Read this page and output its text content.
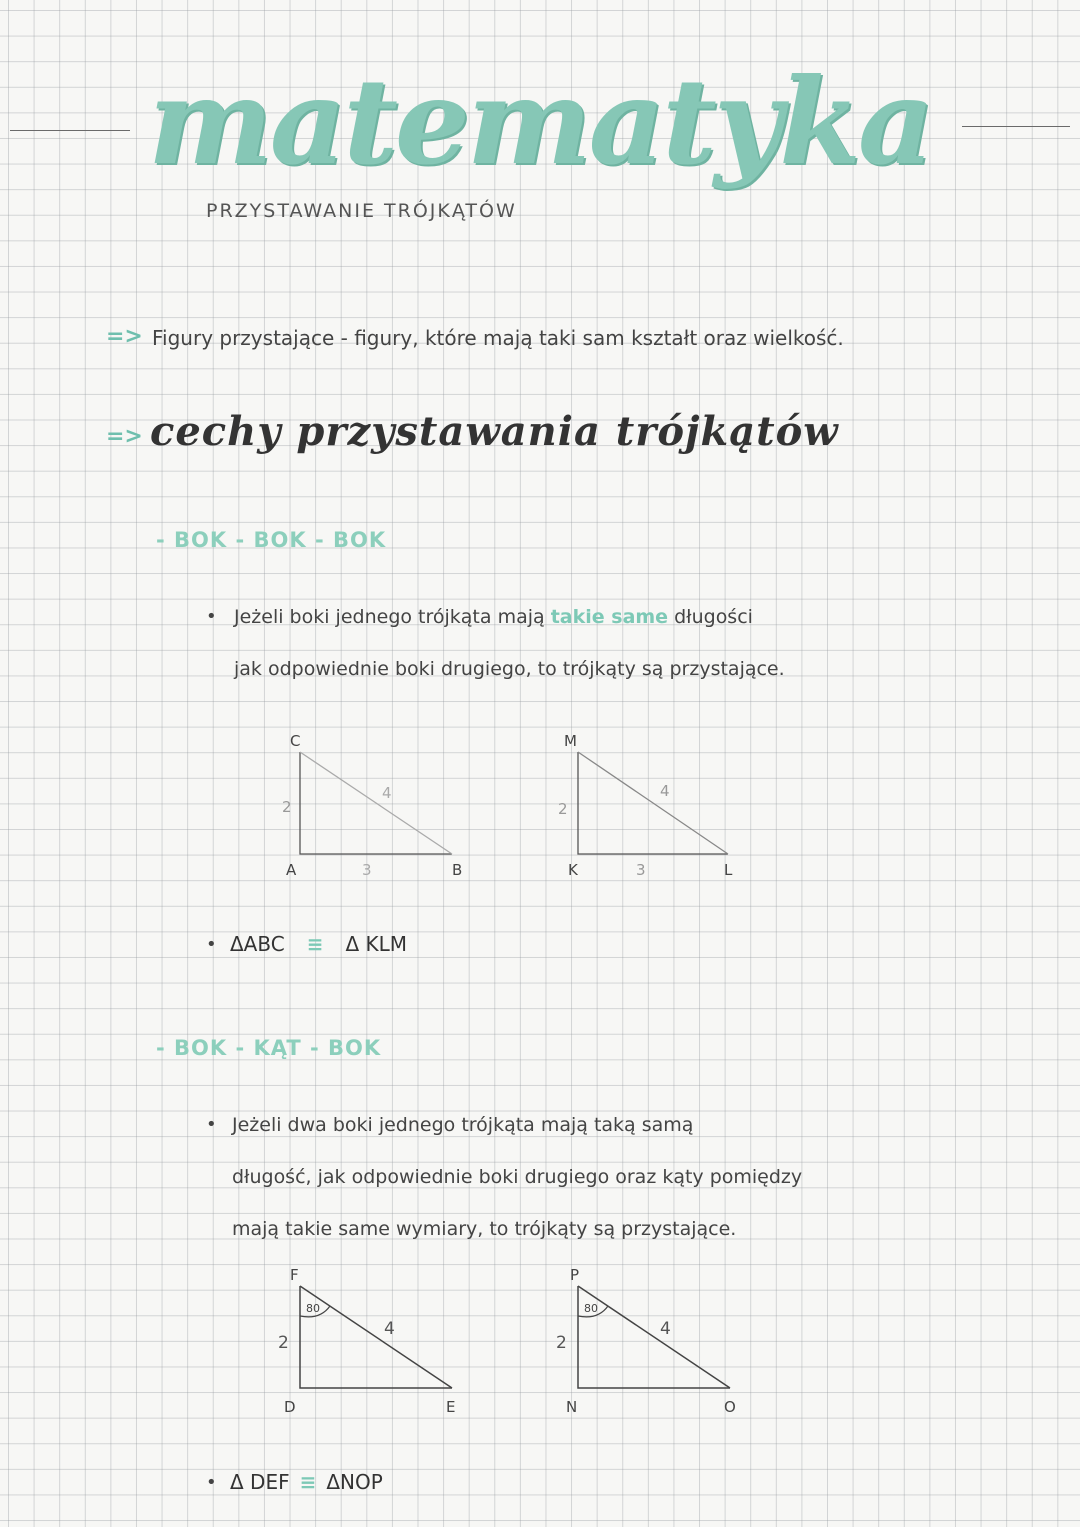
matematyka
PRZYSTAWANIE TRÓJKĄTÓW
=> Figury przystające - figury, które mają taki sam kształt oraz wielkość.
=> cechy przystawania trójkątów
- BOK - BOK - BOK
• Jeżeli boki jednego trójkąta mają takie same długości
jak odpowiednie boki drugiego, to trójkąty są przystające.
C
A	B
2
4
3
M
K	L
2
4
3
• ΔABC ≡ Δ KLM
- BOK - KĄT - BOK
• Jeżeli dwa boki jednego trójkąta mają taką samą
długość, jak odpowiednie boki drugiego oraz kąty pomiędzy
mają takie same wymiary, to trójkąty są przystające.
80
F
D	E
2
4
80
P
N	O
2
4
• Δ DEF ≡ ΔNOP
